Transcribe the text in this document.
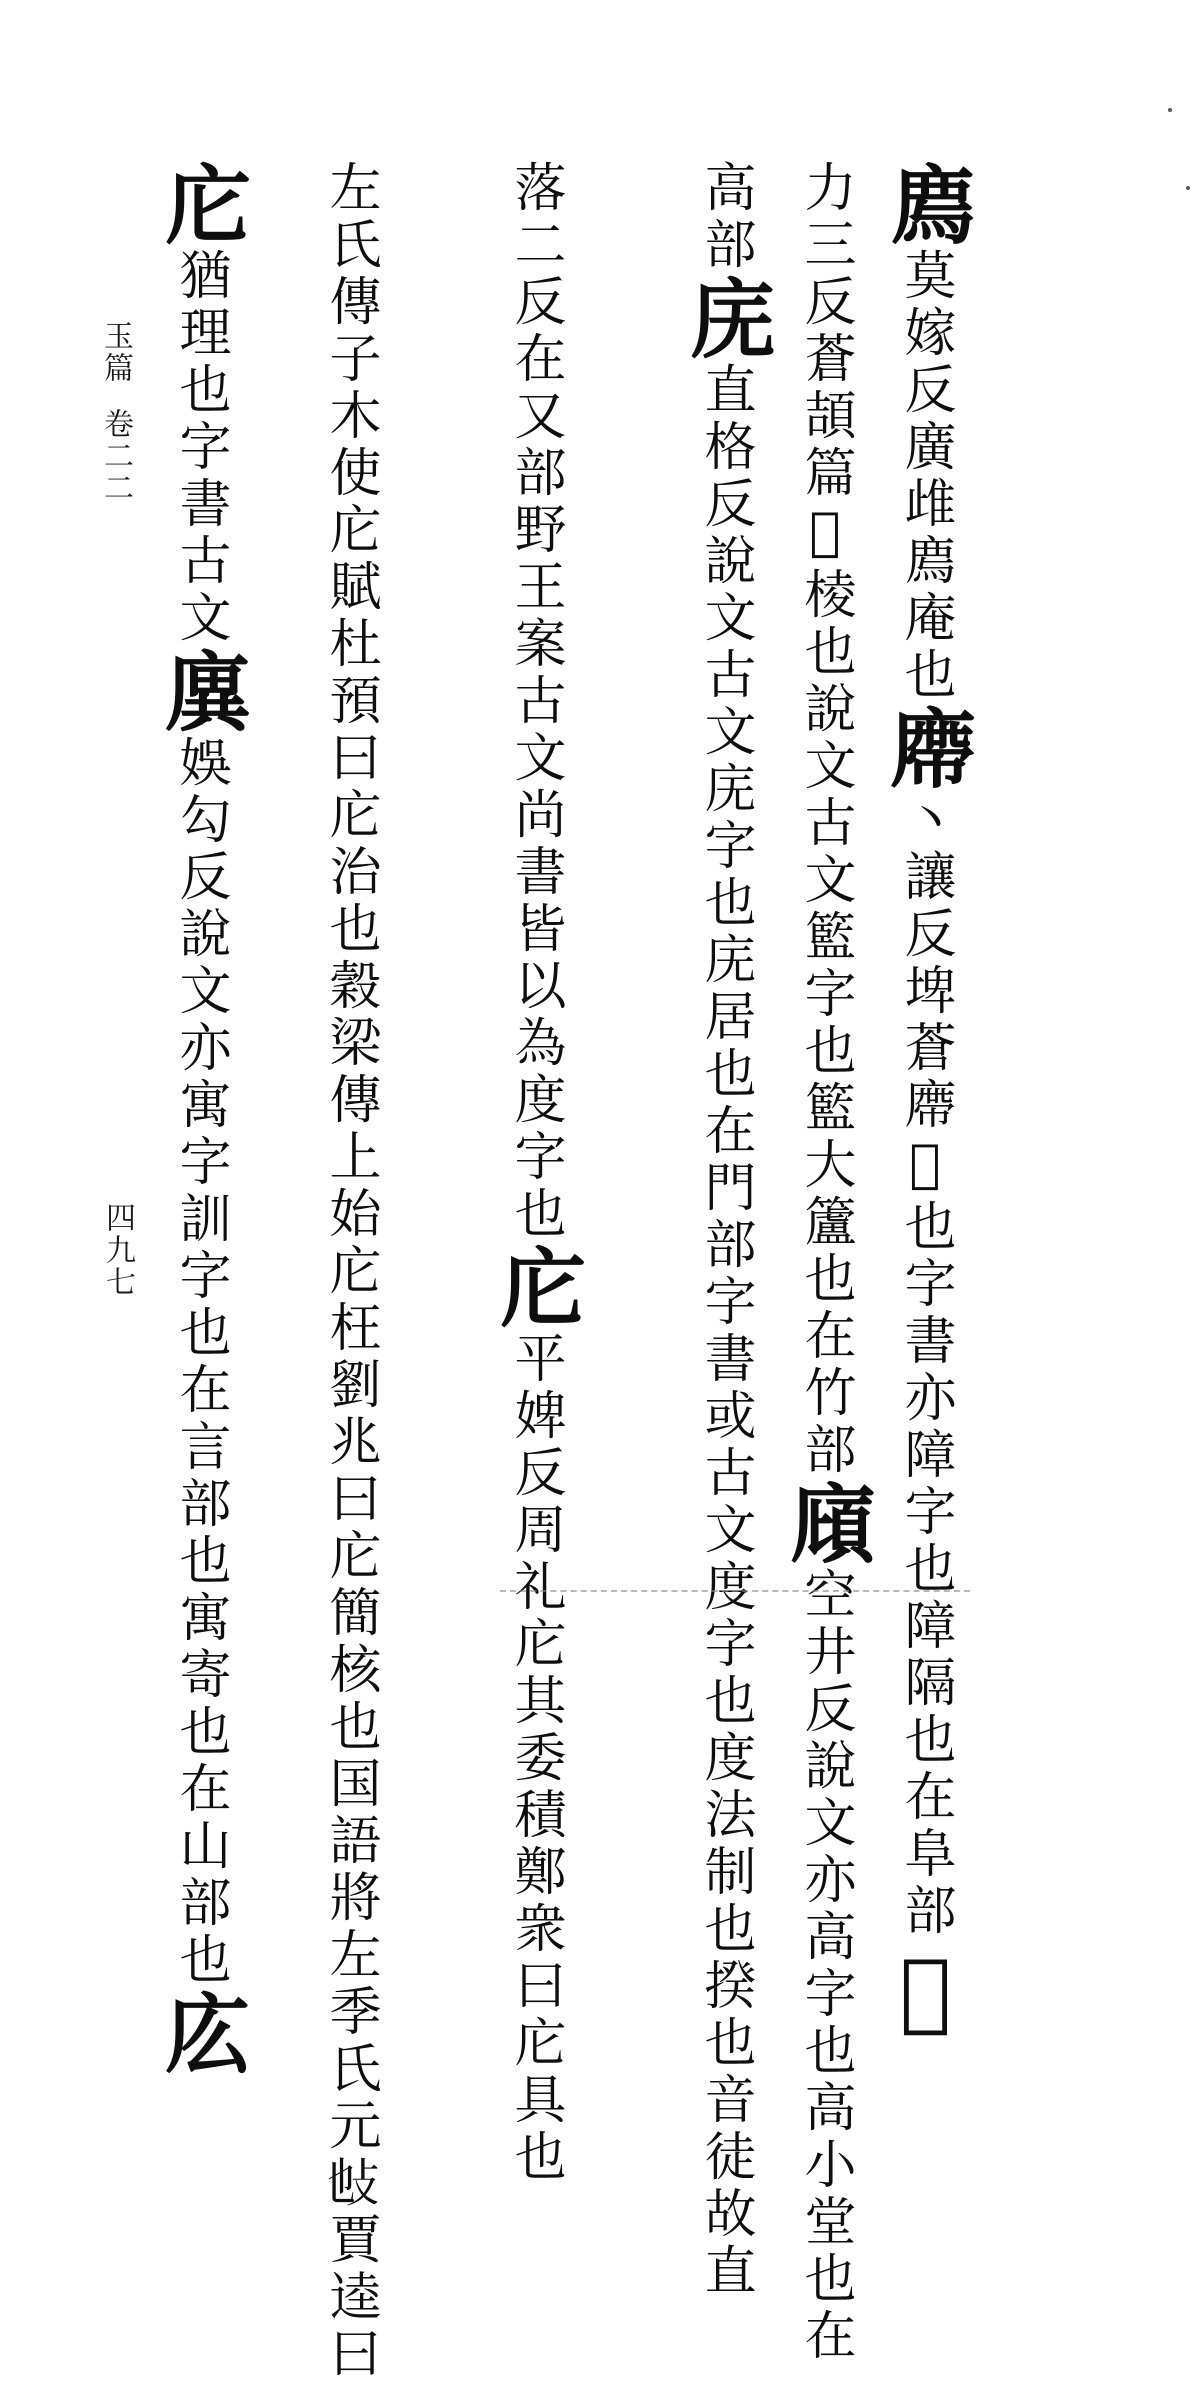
玉篇卷二二
四九七
廌莫嫁反廣䧳廌庵也廗丶讓反埤蒼廗𦺘也字書亦障字也障隔也在阜部𢉊
力三反蒼頡篇𢉊棱也說文古文籃字也籃大籚也在竹部廎空井反說文亦高字也高小堂也在
高部庑直格反說文古文庑字也庑居也在門部字書或古文度字也度法制也揆也音徒故直
落二反在又部野王案古文尚書皆以為度字也庀平婢反周礼庀其委積鄭衆曰庀具也
左氏傳子木使庀賦杜預曰庀治也穀梁傳上始庀枉劉兆曰庀簡核也国語將左季氏元𢻫賈逵曰
庀猶理也字書古文廙娛勾反說文亦寓字訓字也在言部也寓寄也在山部也庅
